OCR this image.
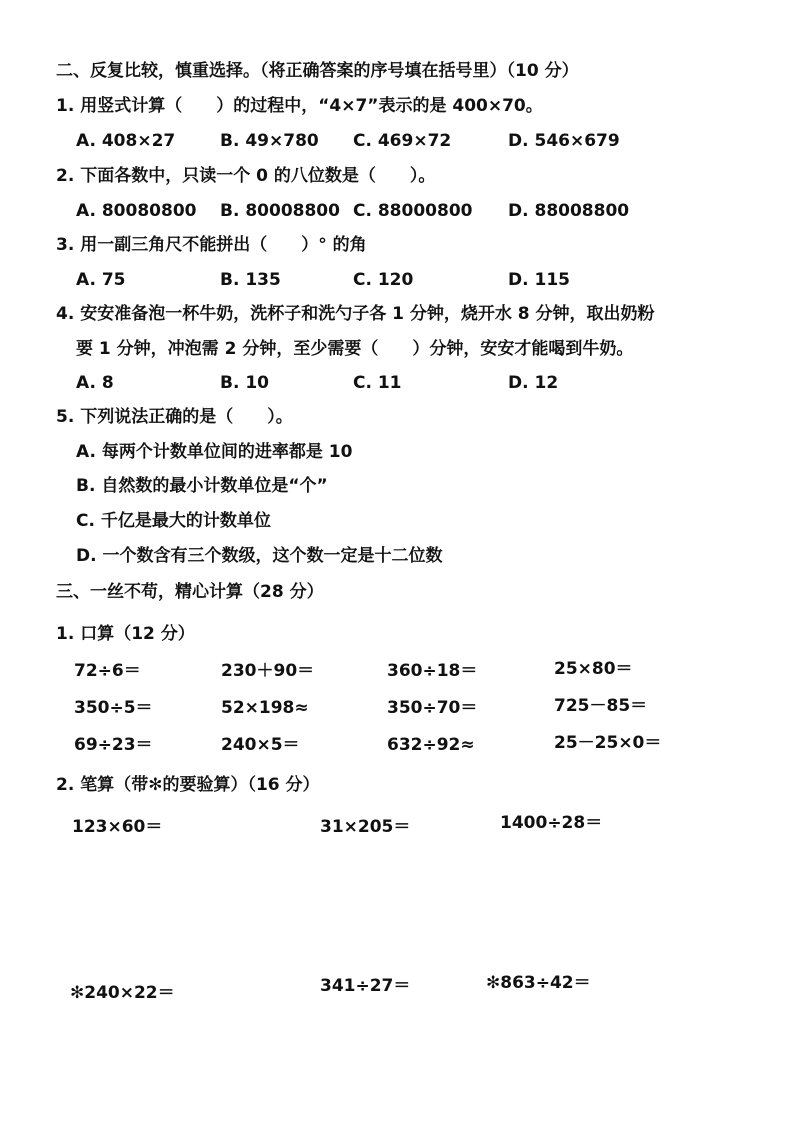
二、反复比较，慎重选择。（将正确答案的序号填在括号里）（10 分）
1. 用竖式计算（　　）的过程中，“4×7”表示的是 400×70。
A. 408×27	B. 49×780 C. 469×72	D. 546×679
2. 下面各数中，只读一个 0 的八位数是（　　）。
A. 80080800 B. 80008800 C. 88000800 D. 88008800
3. 用一副三角尺不能拼出（　　）° 的角
A. 75	B. 135	C. 120	D. 115
4. 安安准备泡一杯牛奶，洗杯子和洗勺子各 1 分钟，烧开水 8 分钟，取出奶粉
要 1 分钟，冲泡需 2 分钟，至少需要（　　）分钟，安安才能喝到牛奶。
A. 8	B. 10	C. 11	D. 12
5. 下列说法正确的是（　　）。
A. 每两个计数单位间的进率都是 10
B. 自然数的最小计数单位是“个”
C. 千亿是最大的计数单位
D. 一个数含有三个数级，这个数一定是十二位数
三、一丝不苟，精心计算（28 分）
1. 口算（12 分）
72÷6＝	230＋90＝	360÷18＝	25×80＝
350÷5＝	52×198≈	350÷70＝	725－85＝
69÷23＝	240×5＝	632÷92≈	25－25×0＝
2. 笔算（带✻的要验算）（16 分）
123×60＝	31×205＝	1400÷28＝
✻240×22＝	341÷27＝	✻863÷42＝
